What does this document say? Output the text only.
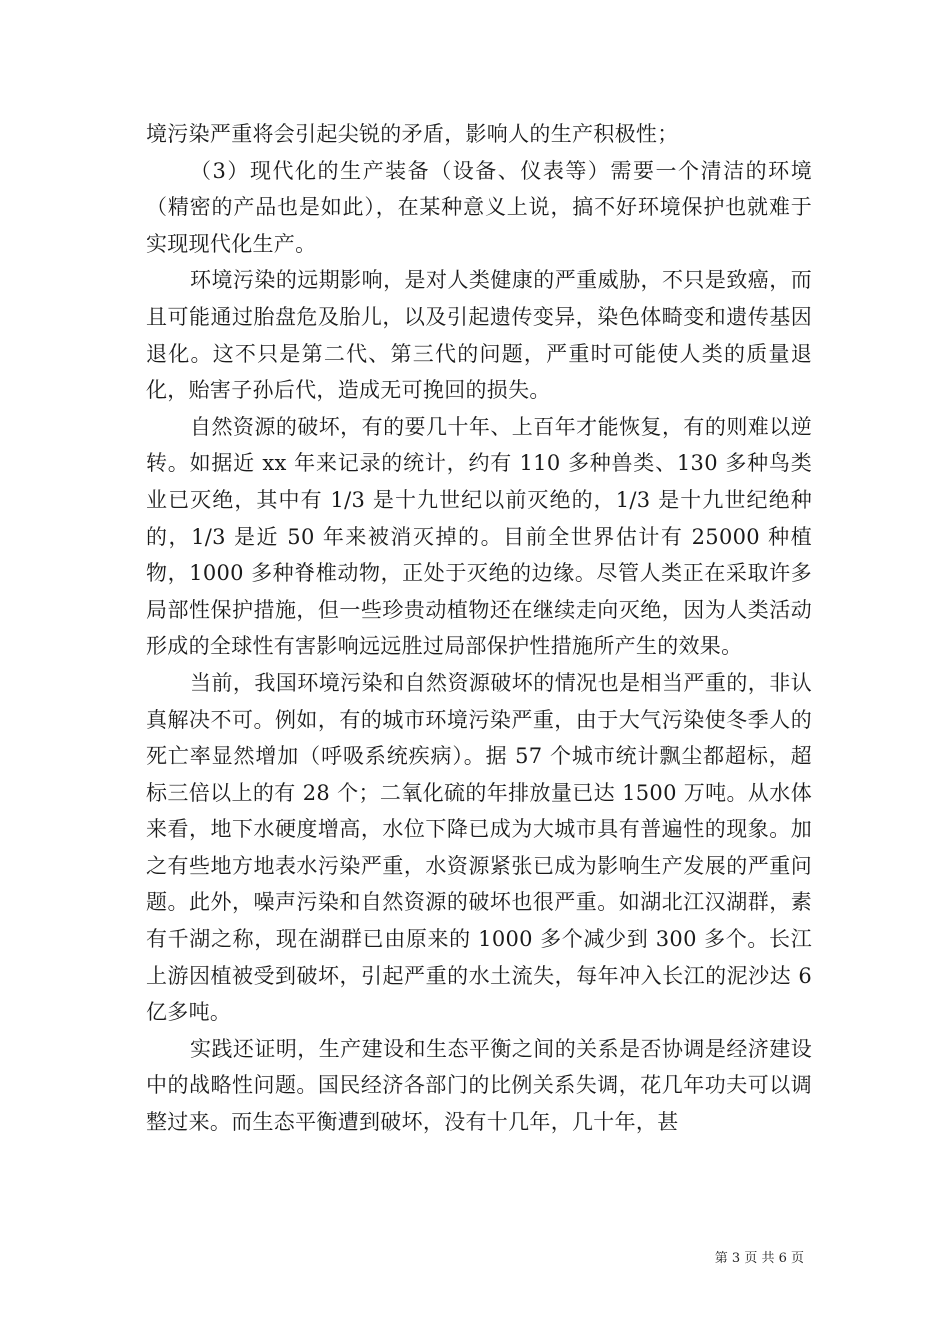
境污染严重将会引起尖锐的矛盾，影响人的生产积极性；

（3）现代化的生产装备（设备、仪表等）需要一个清洁的环境（精密的产品也是如此），在某种意义上说，搞不好环境保护也就难于实现现代化生产。

环境污染的远期影响，是对人类健康的严重威胁，不只是致癌，而且可能通过胎盘危及胎儿，以及引起遗传变异，染色体畸变和遗传基因退化。这不只是第二代、第三代的问题，严重时可能使人类的质量退化，贻害子孙后代，造成无可挽回的损失。

自然资源的破坏，有的要几十年、上百年才能恢复，有的则难以逆转。如据近 xx 年来记录的统计，约有 110 多种兽类、130 多种鸟类业已灭绝，其中有 1/3 是十九世纪以前灭绝的，1/3 是十九世纪绝种的，1/3 是近 50 年来被消灭掉的。目前全世界估计有 25000 种植物，1000 多种脊椎动物，正处于灭绝的边缘。尽管人类正在采取许多局部性保护措施，但一些珍贵动植物还在继续走向灭绝，因为人类活动形成的全球性有害影响远远胜过局部保护性措施所产生的效果。

当前，我国环境污染和自然资源破坏的情况也是相当严重的，非认真解决不可。例如，有的城市环境污染严重，由于大气污染使冬季人的死亡率显然增加（呼吸系统疾病）。据 57 个城市统计飘尘都超标，超标三倍以上的有 28 个；二氧化硫的年排放量已达 1500 万吨。从水体来看，地下水硬度增高，水位下降已成为大城市具有普遍性的现象。加之有些地方地表水污染严重，水资源紧张已成为影响生产发展的严重问题。此外，噪声污染和自然资源的破坏也很严重。如湖北江汉湖群，素有千湖之称，现在湖群已由原来的 1000 多个减少到 300 多个。长江上游因植被受到破坏，引起严重的水土流失，每年冲入长江的泥沙达 6 亿多吨。

实践还证明，生产建设和生态平衡之间的关系是否协调是经济建设中的战略性问题。国民经济各部门的比例关系失调，花几年功夫可以调整过来。而生态平衡遭到破坏，没有十几年，几十年，甚

第 3 页 共 6 页
